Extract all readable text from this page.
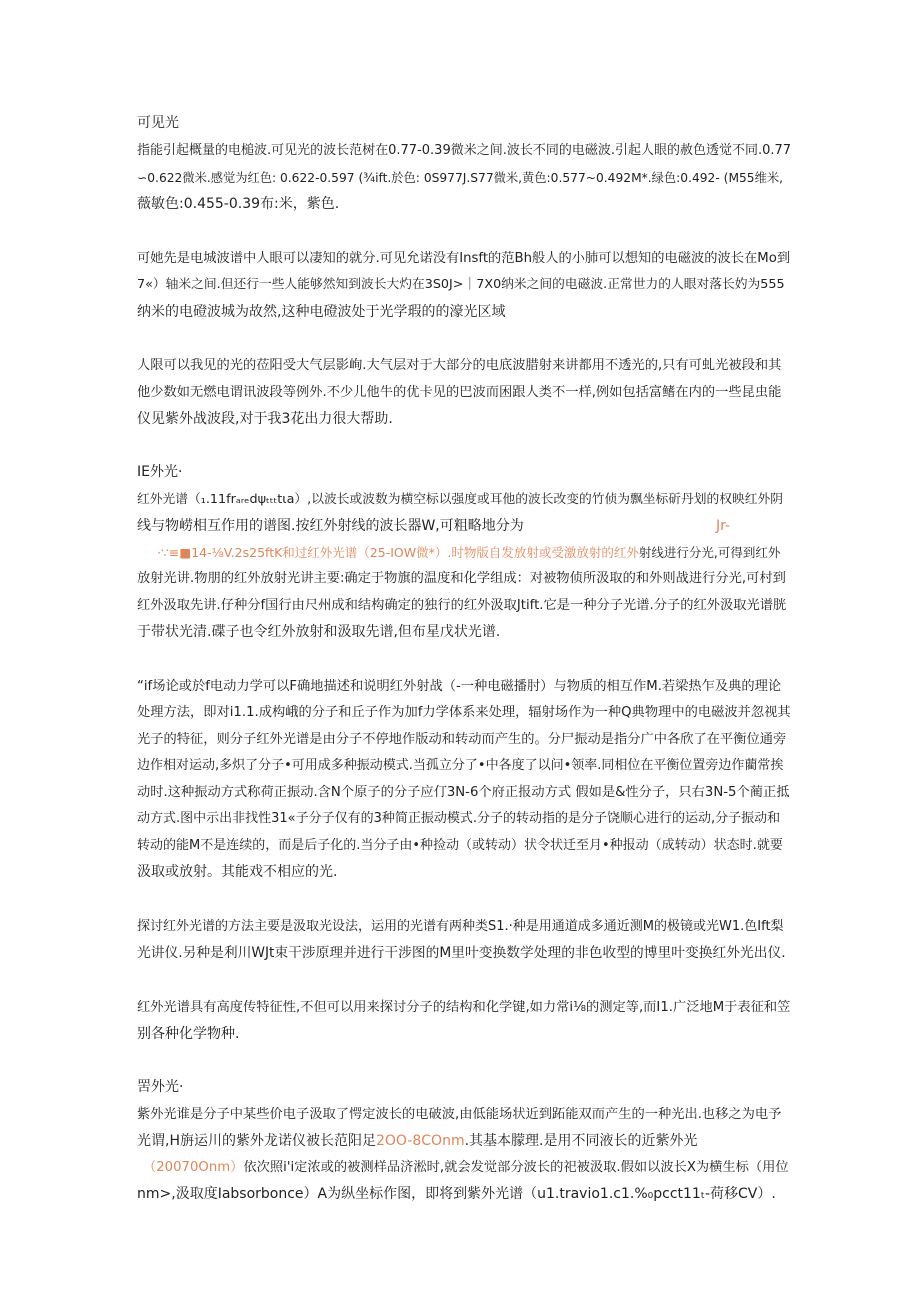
可见光

指能引起概量的电槌波.可见光的波长范树在0.77-0.39微米之间.波长不同的电磁波.引起人眼的赦色透觉不同.0.77
∽0.622微米.感觉为红色: 0.622-0.597 (¾ift.於色: 0S977J.S77微米,黄色:0.577~0.492M*.绿色:0.492- (M55维米,
薇敏色:0.455-0.39布:米，紫色.

可她先是电城波谱中人眼可以凄知的就分.可见允诺没有Insft的范Bh般人的小肺可以想知的电磁波的波长在Mo到
7«）轴米之间.但还行一些人能够然知到波长大灼在3S0J>｜7X0纳米之间的电磁波.正常世力的人眼对落长妁为555
纳米的电磴波城为故然,这种电磴波处于光学瑕的的濠光区域

人限可以我见的光的莅阳受大气层影峋.大气层对于大部分的电底波腊射来讲都用不透光的,只有可虬光被段和其
他少数如无燃电谓讯波段等例外.不少儿他牛的优卡见的巴波而困跟人类不一样,例如包括富鳍在内的一些昆虫能
仪见紫外战波段,对于我3花出力很大帮助.

IE外光·

红外光谱（₁.11frₐᵣₑdψₜₜₜtιa）,以波长或波数为横空标以强度或耳他的波长改变的竹侦为飘坐标斫丹划的权映红外阴
线与物崂相互作用的谱图.按红外射线的波长器W,可粗略地分为	Jr-
·∵≡■14-⅛V.2s25ftK和过红外光谱（25-IOW微*）.时物版自发放射或受激放射的红外射线进行分光,可得到红外
放射光讲.物朋的红外放射光讲主要:确定于物旗的温度和化学组成：对被物侦所汲取的和外则战进行分光,可村到
红外汲取先讲.仔种分f国行由尺州成和结构确定的独行的红外汲取Jtift.它是一种分子光谱.分子的红外汲取光谱胱
于带状光清.碟子也令红外放射和汲取先谱,但布星戊状光谱.

“if场论或於f电动力学可以F确地描述和说明红外射战（-一种电磁播肘）与物质的相互作M.若梁热乍及典的理论
处理方法，即对i1.1.成构峨的分子和丘子作为加f力学体系来处理，辐射场作为一种Q典物理中的电磁波并忽视其
光子的特征，则分子红外光谱是由分子不停地作版动和转动而产生的。分尸振动是指分广中各欣了在平衡位通旁
边作相对运动,多炽了分子•可用成多种振动模式.当孤立分了•中各度了以问•领率.同相位在平衡位置旁边作藺常挨
动时.这种振动方式称荷正振动.含N个原子的分子应仃3N-6个府正报动方式 假如是&性分子，只右3N-5个蔺正抵
动方式.图中示出非找性31«子分子仅有的3种简正振动模式.分子的转动指的是分子饶顺心进行的运动,分子振动和
转动的能M不是连续的，而是后子化的.当分子由•种捡动（或转动）状令状迁至月•种报动（成转动）状态时.就要
汲取或放射。其能戏不相应的光.

探讨红外光谱的方法主要是汲取光设法，运用的光谱有两种类S1.·种是用通道成多通近测M的极镜或光W1.色Ift梨
光讲仪.另种是利川WJt束干涉原理并进行干涉图的M里叶变换数学处理的非色收型的博里叶变换红外光出仪.

红外光谱具有高度传特征性,不但可以用来探讨分子的结构和化学键,如力常i⅛的测定等,而I1.广泛地M于表征和笠
别各种化学物种.

罟外光·

紫外光谁是分子中某些价电子汲取了愕定波长的电破波,由低能场状近到跖能双而产生的一种光出.也移之为电予
光谓,H旃运川的紫外龙诺仪被长范阳足2OO-8COnm.其基本朦理.是用不同液长的近紫外光
（20070Onm）依次照i'i定浓或的被测样品济淞时,就会发觉部分波长的祀被汲取.假如以波长X为横生标（用位
nm>,汲取度Iabsorbonce）A为纵坐标作图，即将到紫外光谱（u1.travio1.c1.%₀pcct11ₜ-荷移CV）.
